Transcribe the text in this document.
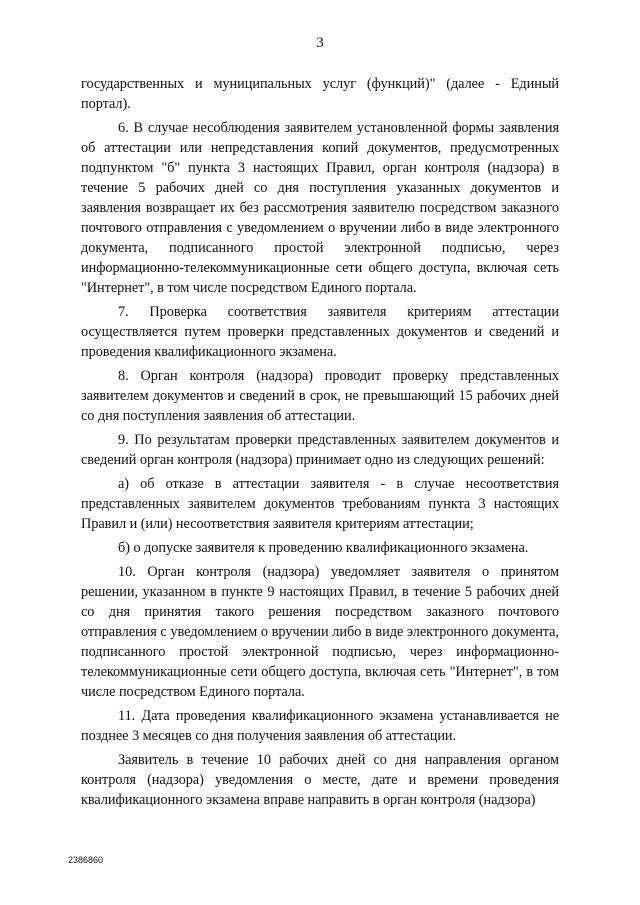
3

государственных и муниципальных услуг (функций)" (далее - Единый портал).

6. В случае несоблюдения заявителем установленной формы заявления об аттестации или непредставления копий документов, предусмотренных подпунктом "б" пункта 3 настоящих Правил, орган контроля (надзора) в течение 5 рабочих дней со дня поступления указанных документов и заявления возвращает их без рассмотрения заявителю посредством заказного почтового отправления с уведомлением о вручении либо в виде электронного документа, подписанного простой электронной подписью, через информационно-телекоммуникационные сети общего доступа, включая сеть "Интернет", в том числе посредством Единого портала.

7. Проверка соответствия заявителя критериям аттестации осуществляется путем проверки представленных документов и сведений и проведения квалификационного экзамена.

8. Орган контроля (надзора) проводит проверку представленных заявителем документов и сведений в срок, не превышающий 15 рабочих дней со дня поступления заявления об аттестации.

9. По результатам проверки представленных заявителем документов и сведений орган контроля (надзора) принимает одно из следующих решений:

а) об отказе в аттестации заявителя - в случае несоответствия представленных заявителем документов требованиям пункта 3 настоящих Правил и (или) несоответствия заявителя критериям аттестации;

б) о допуске заявителя к проведению квалификационного экзамена.

10. Орган контроля (надзора) уведомляет заявителя о принятом решении, указанном в пункте 9 настоящих Правил, в течение 5 рабочих дней со дня принятия такого решения посредством заказного почтового отправления с уведомлением о вручении либо в виде электронного документа, подписанного простой электронной подписью, через информационно-телекоммуникационные сети общего доступа, включая сеть "Интернет", в том числе посредством Единого портала.

11. Дата проведения квалификационного экзамена устанавливается не позднее 3 месяцев со дня получения заявления об аттестации.

Заявитель в течение 10 рабочих дней со дня направления органом контроля (надзора) уведомления о месте, дате и времени проведения квалификационного экзамена вправе направить в орган контроля (надзора)

2386860
